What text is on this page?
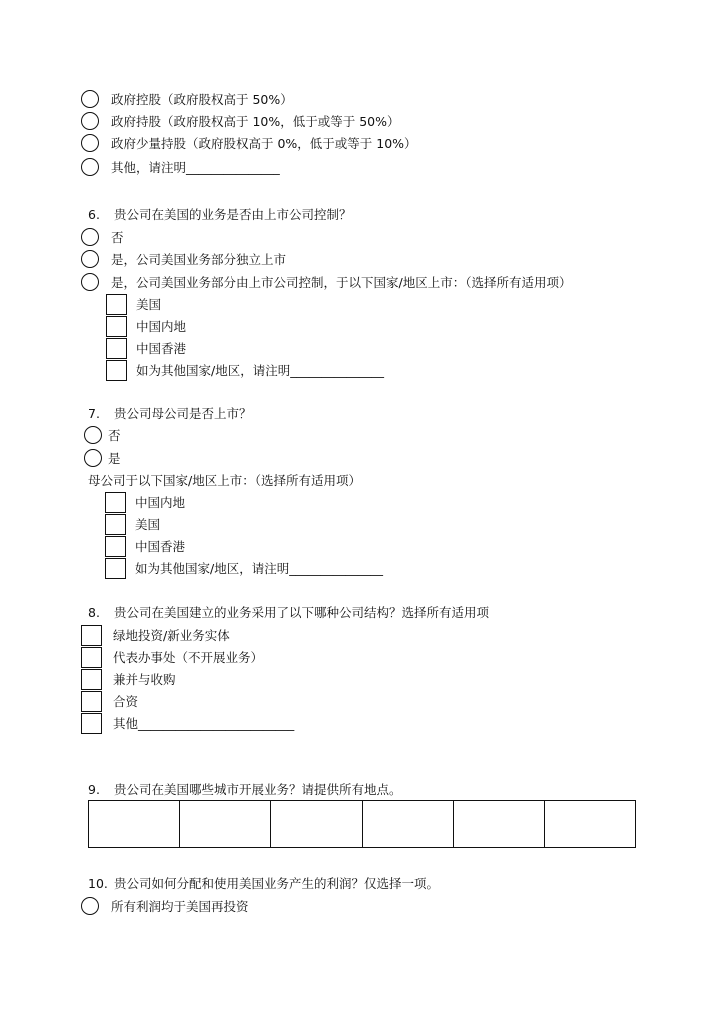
政府控股（政府股权高于 50%）
政府持股（政府股权高于 10%，低于或等于 50%）
政府少量持股（政府股权高于 0%，低于或等于 10%）
其他，请注明_______________
6. 贵公司在美国的业务是否由上市公司控制？
否
是，公司美国业务部分独立上市
是，公司美国业务部分由上市公司控制，于以下国家/地区上市：（选择所有适用项）
美国
中国内地
中国香港
如为其他国家/地区，请注明_______________
7. 贵公司母公司是否上市？
否
是
母公司于以下国家/地区上市：（选择所有适用项）
中国内地
美国
中国香港
如为其他国家/地区，请注明_______________
8. 贵公司在美国建立的业务采用了以下哪种公司结构？选择所有适用项
绿地投资/新业务实体
代表办事处（不开展业务）
兼并与收购
合资
其他_________________________
9. 贵公司在美国哪些城市开展业务？请提供所有地点。
10. 贵公司如何分配和使用美国业务产生的利润？仅选择一项。
所有利润均于美国再投资
